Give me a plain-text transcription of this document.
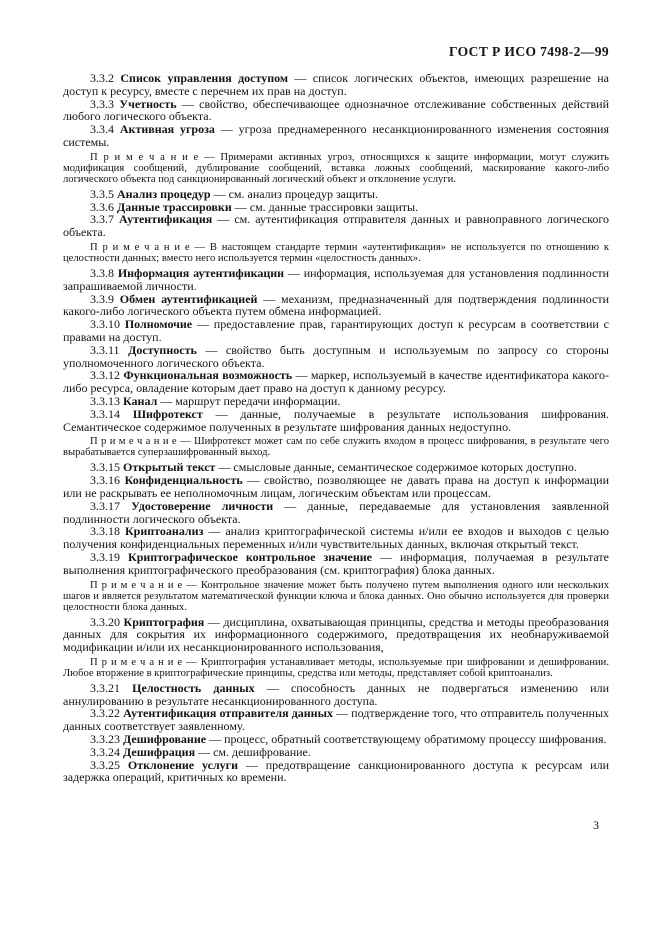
ГОСТ Р ИСО 7498-2—99

3.3.2 Список управления доступом — список логических объектов, имеющих разрешение на доступ к ресурсу, вместе с перечнем их прав на доступ.

3.3.3 Учетность — свойство, обеспечивающее однозначное отслеживание собственных действий любого логического объекта.

3.3.4 Активная угроза — угроза преднамеренного несанкционированного изменения состояния системы.

П р и м е ч а н и е — Примерами активных угроз, относящихся к защите информации, могут служить модификация сообщений, дублирование сообщений, вставка ложных сообщений, маскирование какого-либо логического объекта под санкционированный логический объект и отклонение услуги.

3.3.5 Анализ процедур — см. анализ процедур защиты.

3.3.6 Данные трассировки — см. данные трассировки защиты.

3.3.7 Аутентификация — см. аутентификация отправителя данных и равноправного логического объекта.

П р и м е ч а н и е — В настоящем стандарте термин «аутентификация» не используется по отношению к целостности данных; вместо него используется термин «целостность данных».

3.3.8 Информация аутентификации — информация, используемая для установления подлинности запрашиваемой личности.

3.3.9 Обмен аутентификацией — механизм, предназначенный для подтверждения подлинности какого-либо логического объекта путем обмена информацией.

3.3.10 Полномочие — предоставление прав, гарантирующих доступ к ресурсам в соответствии с правами на доступ.

3.3.11 Доступность — свойство быть доступным и используемым по запросу со стороны уполномоченного логического объекта.

3.3.12 Функциональная возможность — маркер, используемый в качестве идентификатора какого-либо ресурса, овладение которым дает право на доступ к данному ресурсу.

3.3.13 Канал — маршрут передачи информации.

3.3.14 Шифротекст — данные, получаемые в результате использования шифрования. Семантическое содержимое полученных в результате шифрования данных недоступно.

П р и м е ч а н и е — Шифротекст может сам по себе служить входом в процесс шифрования, в результате чего вырабатывается суперзашифрованный выход.

3.3.15 Открытый текст — смысловые данные, семантическое содержимое которых доступно.

3.3.16 Конфиденциальность — свойство, позволяющее не давать права на доступ к информации или не раскрывать ее неполномочным лицам, логическим объектам или процессам.

3.3.17 Удостоверение личности — данные, передаваемые для установления заявленной подлинности логического объекта.

3.3.18 Криптоанализ — анализ криптографической системы и/или ее входов и выходов с целью получения конфиденциальных переменных и/или чувствительных данных, включая открытый текст.

3.3.19 Криптографическое контрольное значение — информация, получаемая в результате выполнения криптографического преобразования (см. криптография) блока данных.

П р и м е ч а н и е — Контрольное значение может быть получено путем выполнения одного или нескольких шагов и является результатом математической функции ключа и блока данных. Оно обычно используется для проверки целостности блока данных.

3.3.20 Криптография — дисциплина, охватывающая принципы, средства и методы преобразования данных для сокрытия их информационного содержимого, предотвращения их необнаруживаемой модификации и/или их несанкционированного использования,

П р и м е ч а н и е — Криптография устанавливает методы, используемые при шифровании и дешифровании. Любое вторжение в криптографические принципы, средства или методы, представляет собой криптоанализ.

3.3.21 Целостность данных — способность данных не подвергаться изменению или аннулированию в результате несанкционированного доступа.

3.3.22 Аутентификация отправителя данных — подтверждение того, что отправитель полученных данных соответствует заявленному.

3.3.23 Дешифрование — процесс, обратный соответствующему обратимому процессу шифрования.

3.3.24 Дешифрация — см. дешифрование.

3.3.25 Отклонение услуги — предотвращение санкционированного доступа к ресурсам или задержка операций, критичных ко времени.

3
